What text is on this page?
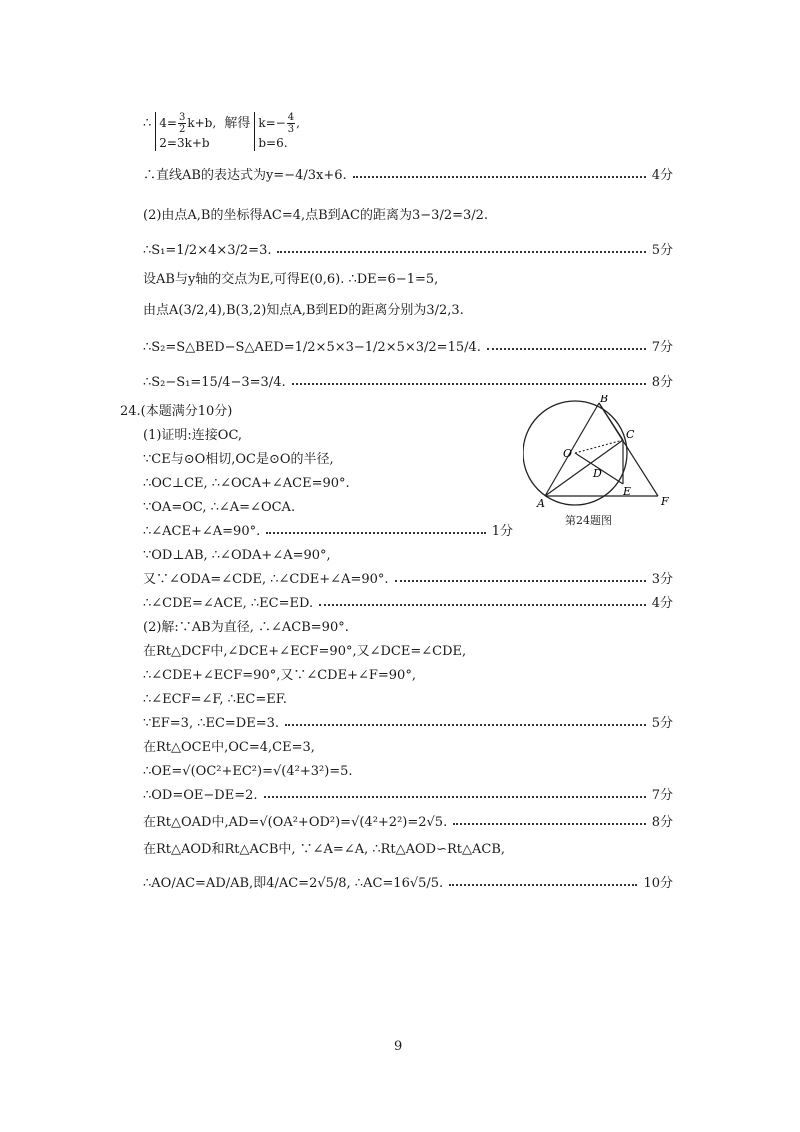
∴ $4= \frac{3}{2} k+b$,
2=3k+b
解得 $k=- \frac{4}{3}$ ,
b=6.
∴直线AB的表达式为y=−4/3x+6.	4分
(2)由点A,B的坐标得AC=4,点B到AC的距离为3−3/2=3/2.
∴S₁=1/2×4×3/2=3.	5分
设AB与y轴的交点为E,可得E(0,6). ∴DE=6−1=5,
由点A(3/2,4),B(3,2)知点A,B到ED的距离分别为3/2,3.
∴S₂=S△BED−S△AED=1/2×5×3−1/2×5×3/2=15/4.	7分
∴S₂−S₁=15/4−3=3/4.	8分
24.(本题满分10分)
(1)证明:连接OC,
∵CE与⊙O相切,OC是⊙O的半径,
∴OC⊥CE, ∴∠OCA+∠ACE=90°.
∵OA=OC, ∴∠A=∠OCA.
∴∠ACE+∠A=90°.	1分
∵OD⊥AB, ∴∠ODA+∠A=90°,
又∵∠ODA=∠CDE, ∴∠CDE+∠A=90°.	3分
∴∠CDE=∠ACE, ∴EC=ED.	4分
(2)解:∵AB为直径, ∴∠ACB=90°.
在Rt△DCF中,∠DCE+∠ECF=90°,又∠DCE=∠CDE,
∴∠CDE+∠ECF=90°,又∵∠CDE+∠F=90°,
∴∠ECF=∠F, ∴EC=EF.
∵EF=3, ∴EC=DE=3.	5分
在Rt△OCE中,OC=4,CE=3,
∴OE=√(OC²+EC²)=√(4²+3²)=5.
∴OD=OE−DE=2.	7分
在Rt△OAD中,AD=√(OA²+OD²)=√(4²+2²)=2√5.	8分
在Rt△AOD和Rt△ACB中, ∵∠A=∠A, ∴Rt△AOD∽Rt△ACB,
∴AO/AC=AD/AB,即4/AC=2√5/8, ∴AC=16√5/5.	10分
B
C
O
D
E
A	F
第24题图
9
